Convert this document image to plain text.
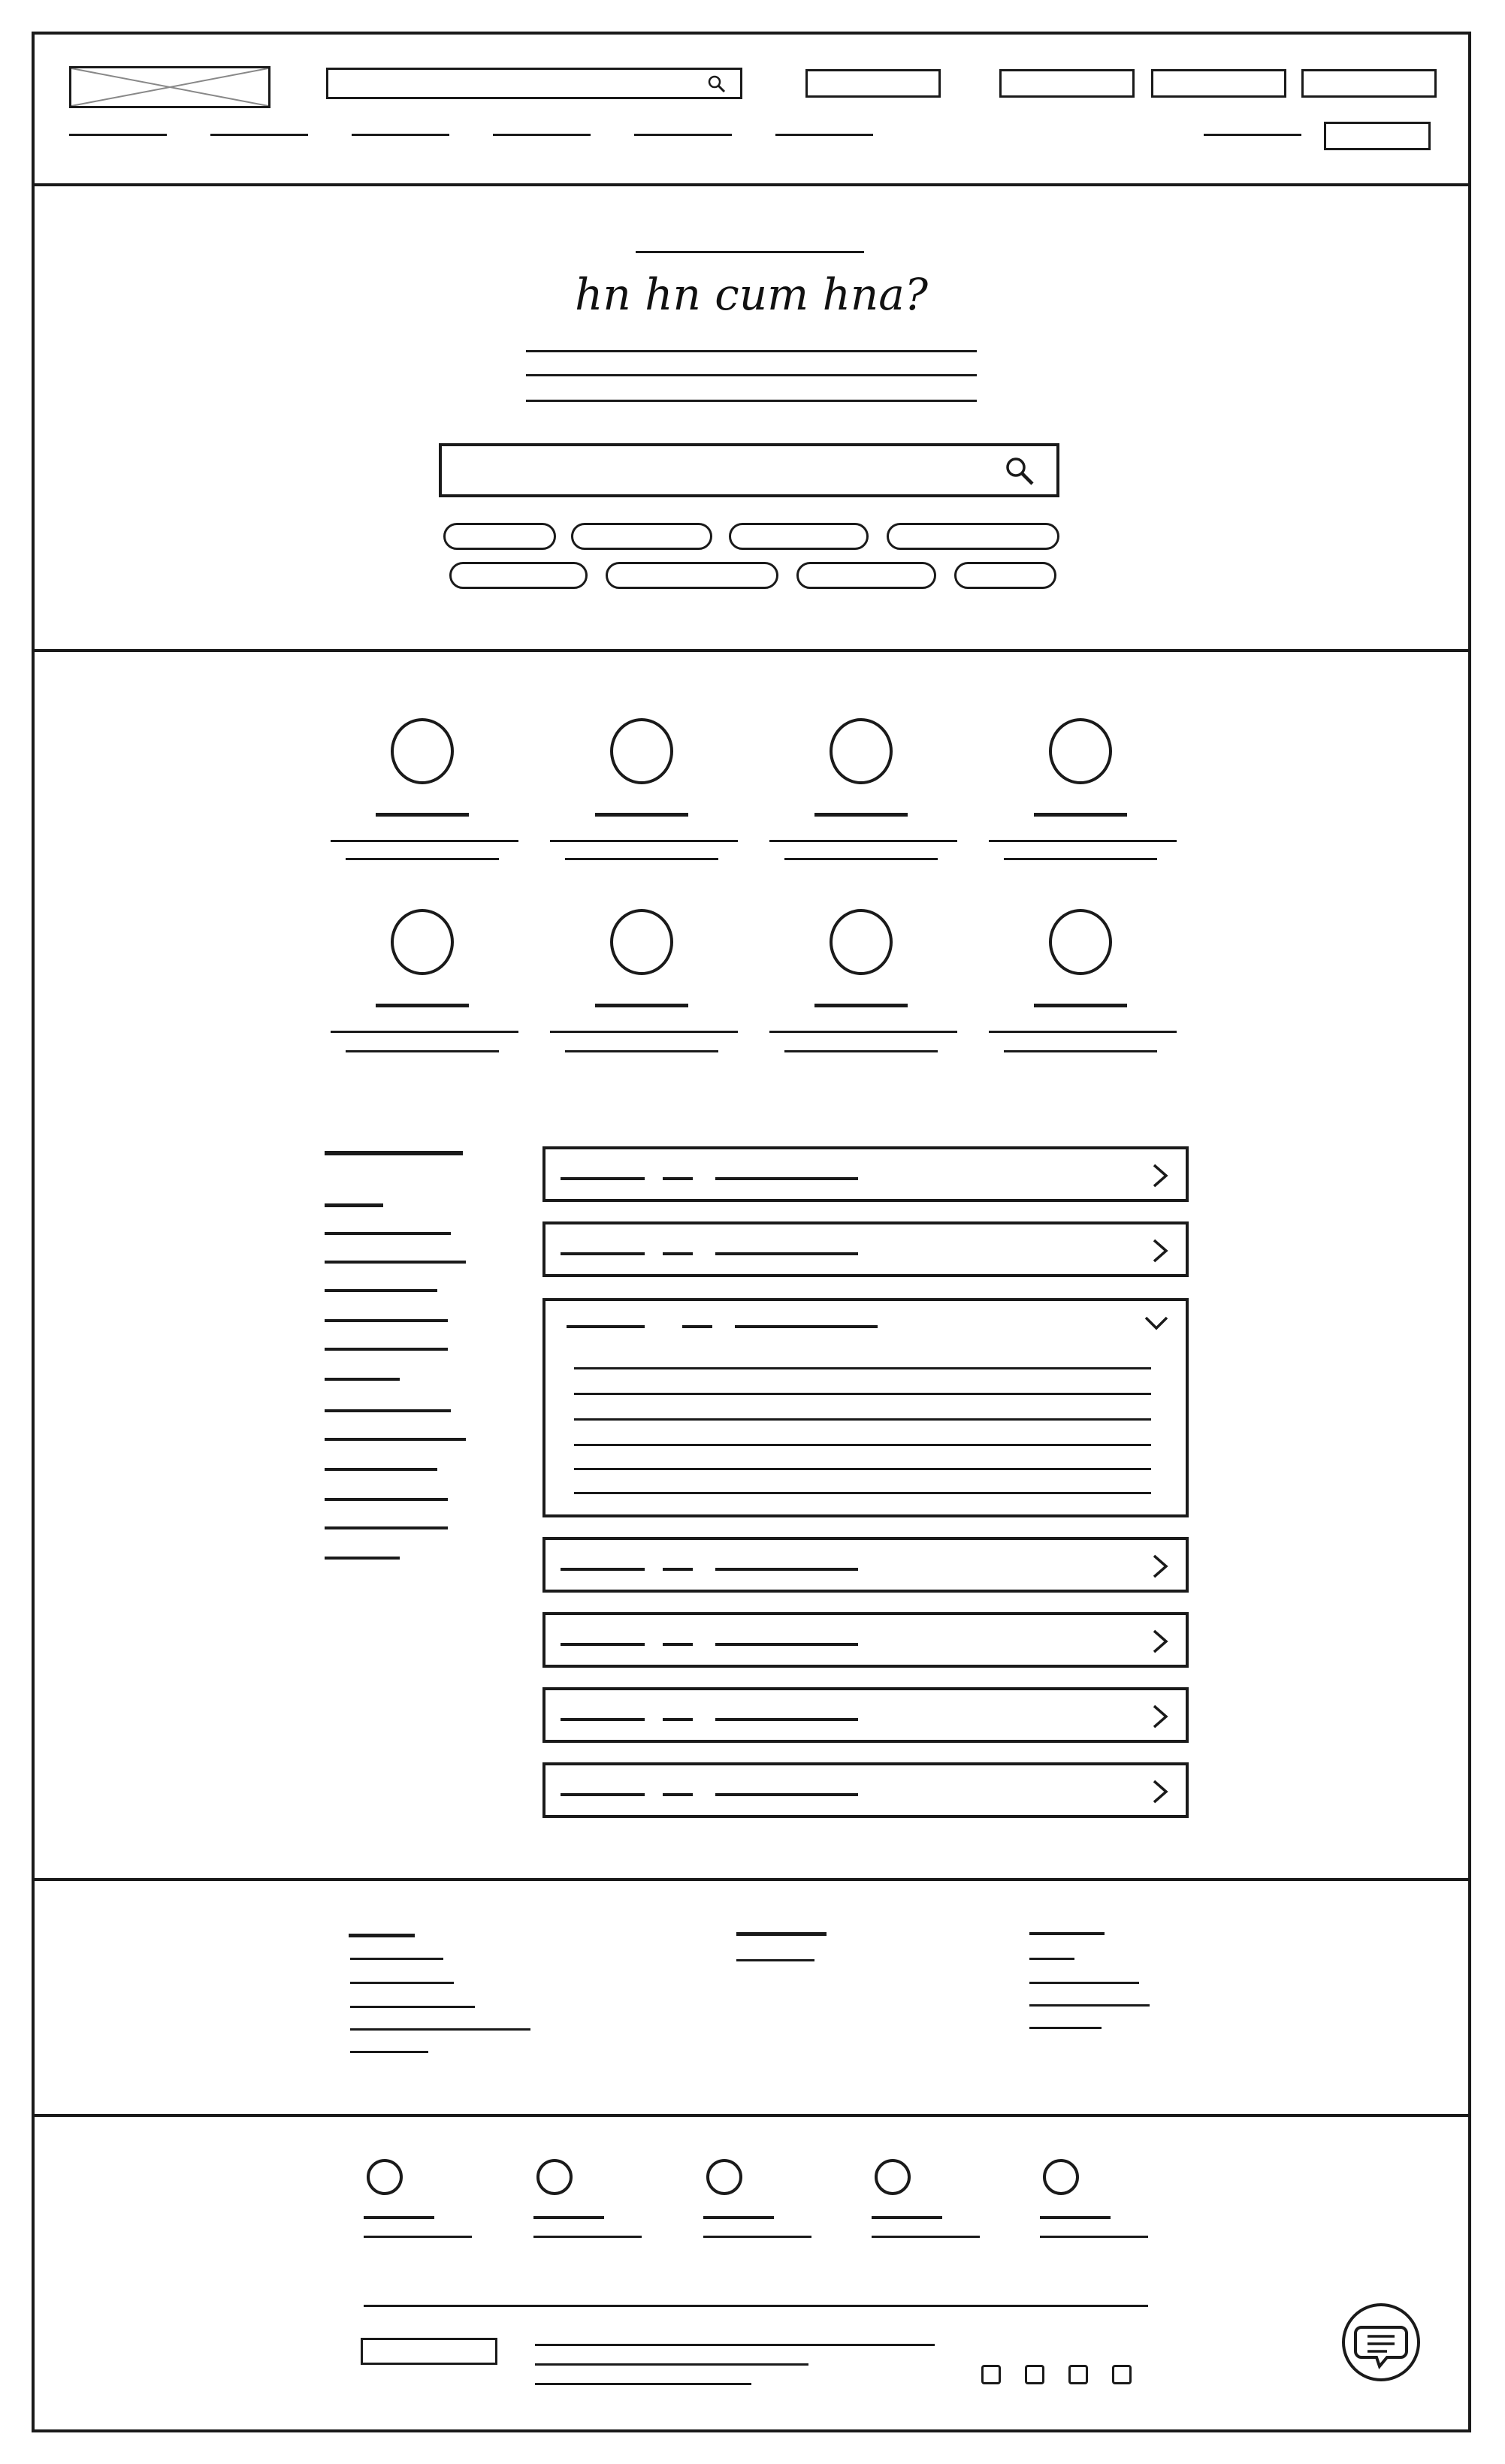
hn hn cum hna?
